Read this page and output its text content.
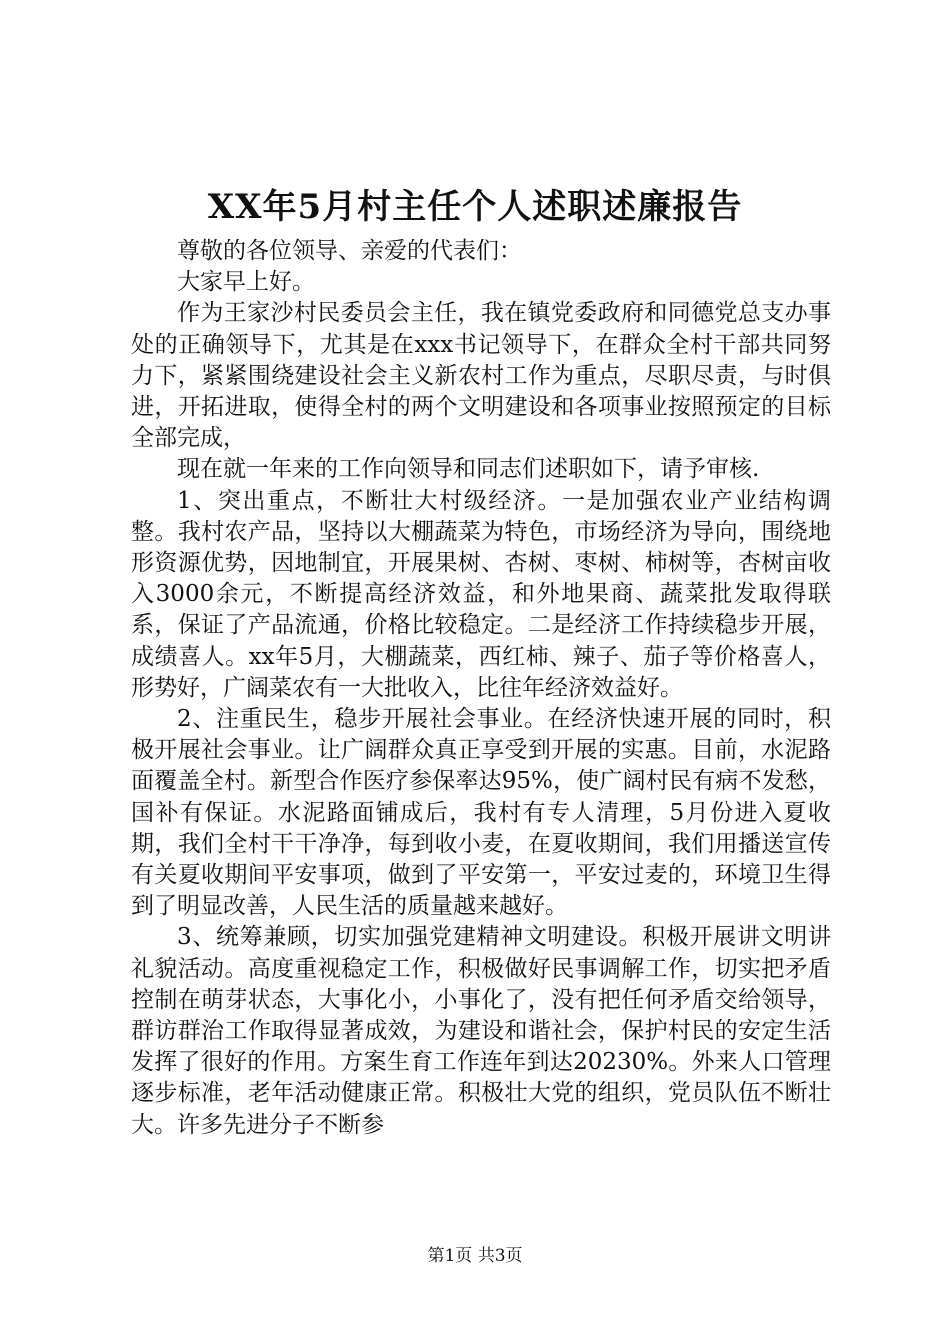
XX年5月村主任个人述职述廉报告

尊敬的各位领导、亲爱的代表们：

大家早上好。

作为王家沙村民委员会主任，我在镇党委政府和同德党总支办事处的正确领导下，尤其是在xxx书记领导下，在群众全村干部共同努力下，紧紧围绕建设社会主义新农村工作为重点，尽职尽责，与时俱进，开拓进取，使得全村的两个文明建设和各项事业按照预定的目标全部完成，

现在就一年来的工作向领导和同志们述职如下，请予审核.

1、突出重点，不断壮大村级经济。一是加强农业产业结构调整。我村农产品，坚持以大棚蔬菜为特色，市场经济为导向，围绕地形资源优势，因地制宜，开展果树、杏树、枣树、柿树等，杏树亩收入3000余元，不断提高经济效益，和外地果商、蔬菜批发取得联系，保证了产品流通，价格比较稳定。二是经济工作持续稳步开展，成绩喜人。xx年5月，大棚蔬菜，西红柿、辣子、茄子等价格喜人，形势好，广阔菜农有一大批收入，比往年经济效益好。

2、注重民生，稳步开展社会事业。在经济快速开展的同时，积极开展社会事业。让广阔群众真正享受到开展的实惠。目前，水泥路面覆盖全村。新型合作医疗参保率达95%，使广阔村民有病不发愁，国补有保证。水泥路面铺成后，我村有专人清理，5月份进入夏收期，我们全村干干净净，每到收小麦，在夏收期间，我们用播送宣传有关夏收期间平安事项，做到了平安第一，平安过麦的，环境卫生得到了明显改善，人民生活的质量越来越好。

3、统筹兼顾，切实加强党建精神文明建设。积极开展讲文明讲礼貌活动。高度重视稳定工作，积极做好民事调解工作，切实把矛盾控制在萌芽状态，大事化小，小事化了，没有把任何矛盾交给领导，群访群治工作取得显著成效，为建设和谐社会，保护村民的安定生活发挥了很好的作用。方案生育工作连年到达20230%。外来人口管理逐步标准，老年活动健康正常。积极壮大党的组织，党员队伍不断壮大。许多先进分子不断参

第1页 共3页
